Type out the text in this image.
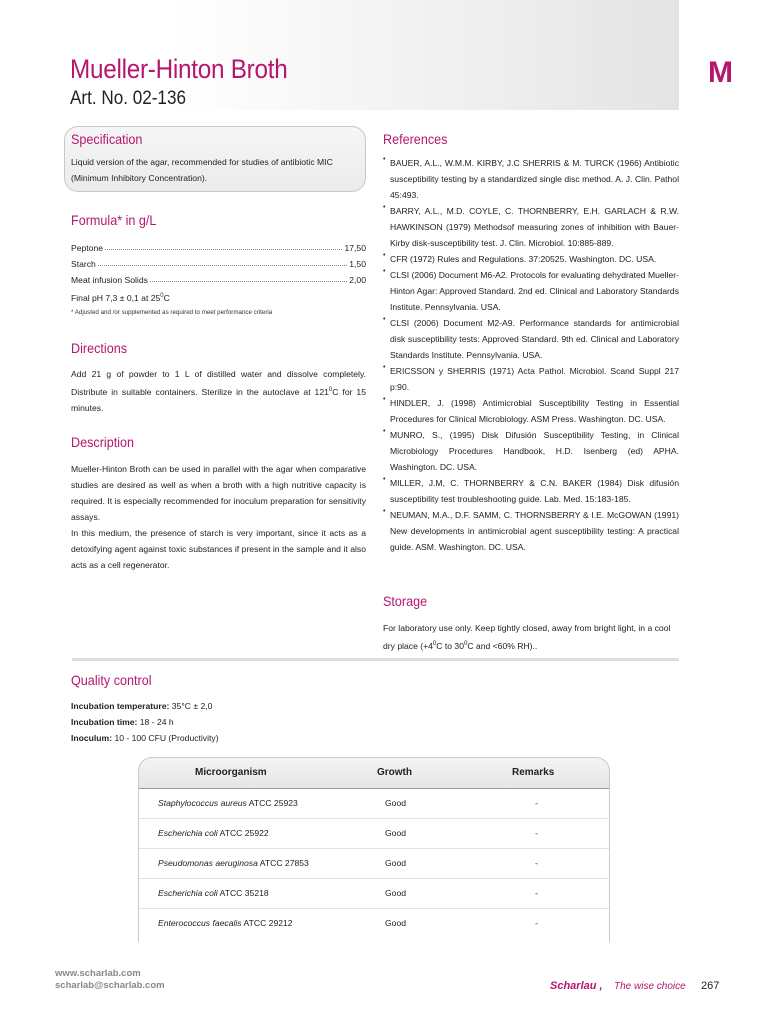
Mueller-Hinton Broth
Art. No. 02-136
M
Specification
Liquid version of the agar, recommended for studies of antibiotic MIC (Minimum Inhibitory Concentration).
Formula* in g/L
Peptone	17,50
Starch	1,50
Meat infusion Solids	2,00
Final pH 7,3 ± 0,1 at $25^0C$
* Adjusted and /or supplemented as required to meet performance criteria
Directions
Add 21 g of powder to 1 L of distilled water and dissolve completely. Distribute in suitable containers. Sterilize in the autoclave at $121^0C$ for 15 minutes.
Description
Mueller-Hinton Broth can be used in parallel with the agar when comparative studies are desired as well as when a broth with a high nutritive capacity is required. It is especially recommended for inoculum preparation for sensitivity assays.
In this medium, the presence of starch is very important, since it acts as a detoxifying agent against toxic substances if present in the sample and it also acts as a cell regenerator.
References

• BAUER, A.L., W.M.M. KIRBY, J.C SHERRIS & M. TURCK (1966) Antibiotic susceptibility testing by a standardized single disc method. A. J. Clin. Pathol 45:493.

• BARRY, A.L., M.D. COYLE, C. THORNBERRY, E.H. GARLACH & R.W. HAWKINSON (1979) Methodsof measuring zones of inhibition with Bauer-Kirby disk-susceptibility test. J. Clin. Microbiol. 10:885-889.

• CFR (1972) Rules and Regulations. 37:20525. Washington. DC. USA.

• CLSI (2006) Document M6-A2. Protocols for evaluating dehydrated Mueller-Hinton Agar: Approved Standard. 2nd ed. Clinical and Laboratory Standards Institute. Pennsylvania. USA.

• CLSI (2006) Document M2-A9. Performance standards for antimicrobial disk susceptibility tests: Approved Standard. 9th ed. Clinical and Laboratory Standards Institute. Pennsylvania. USA.

• ERICSSON y SHERRIS (1971) Acta Pathol. Microbiol. Scand Suppl 217 p:90.

• HINDLER, J. (1998) Antimicrobial Susceptibility Testing in Essential Procedures for Clinical Microbiology. ASM Press. Washington. DC. USA.

• MUNRO, S., (1995) Disk Difusión Susceptibility Testing, in Clinical Microbiology Procedures Handbook, H.D. Isenberg (ed) APHA. Washington. DC. USA.

• MILLER, J.M, C. THORNBERRY & C.N. BAKER (1984) Disk difusión susceptibility test troubleshooting guide. Lab. Med. 15:183-185.

• NEUMAN, M.A., D.F. SAMM, C. THORNSBERRY & I.E. McGOWAN (1991) New developments in antimicrobial agent susceptibility testing: A practical guide. ASM. Washington. DC. USA.

Storage
For laboratory use only. Keep tightly closed, away from bright light, in a cool dry place ($+4^0C$ to $30^0C$ and <60% RH)..
Quality control
Incubation temperature: 35°C ± 2,0
Incubation time: 18 - 24 h
Inoculum: 10 - 100 CFU (Productivity)
Microorganism	Growth	Remarks
Staphylococcus aureus ATCC 25923	Good	-
Escherichia coli ATCC 25922	Good	-
Pseudomonas aeruginosa ATCC 27853	Good	-
Escherichia coli ATCC 35218	Good	-
Enterococcus faecalis ATCC 29212	Good	-
www.scharlab.com
scharlab@scharlab.com	Scharlau , The wise choice 267
